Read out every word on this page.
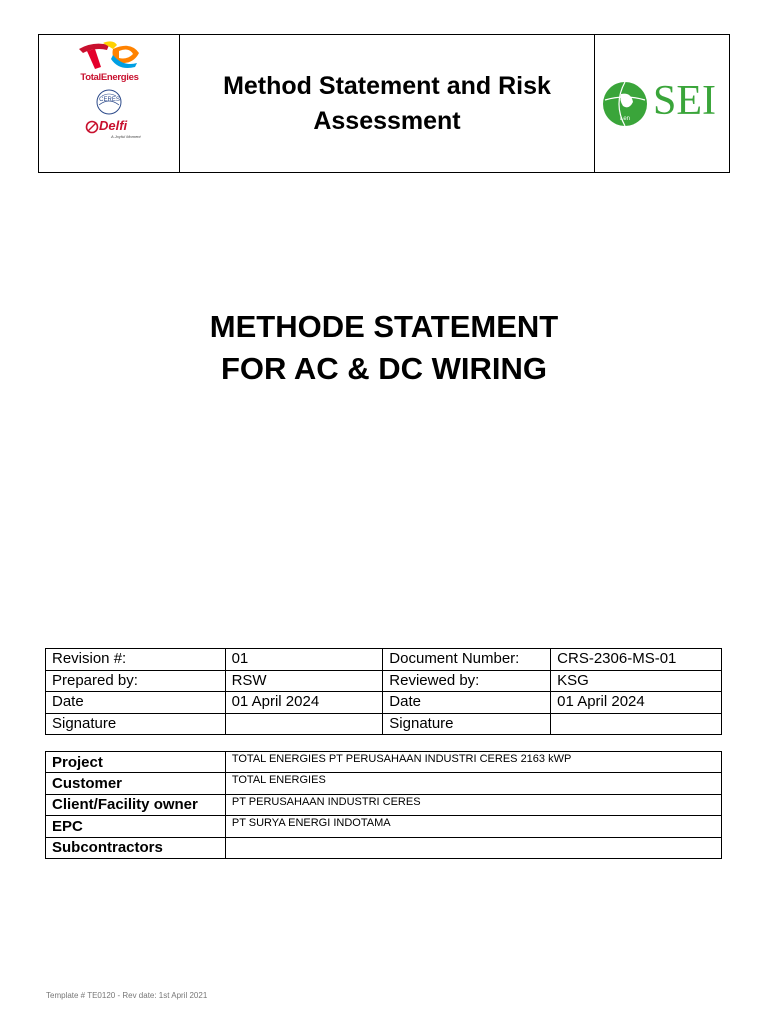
TotalEnergies
CERES
Delfi
A Joyful Moment
Method Statement and Risk
Assessment	Len SEI
METHODE STATEMENT
FOR AC & DC WIRING
Revision #:	01	Document Number:	CRS-2306-MS-01
Prepared by:	RSW	Reviewed by:	KSG
Date	01 April 2024	Date	01 April 2024
Signature		Signature	
Project	TOTAL ENERGIES PT PERUSAHAAN INDUSTRI CERES 2163 kWP
Customer	TOTAL ENERGIES
Client/Facility owner	PT PERUSAHAAN INDUSTRI CERES
EPC	PT SURYA ENERGI INDOTAMA
Subcontractors	
Template # TE0120 - Rev date: 1st April 2021
